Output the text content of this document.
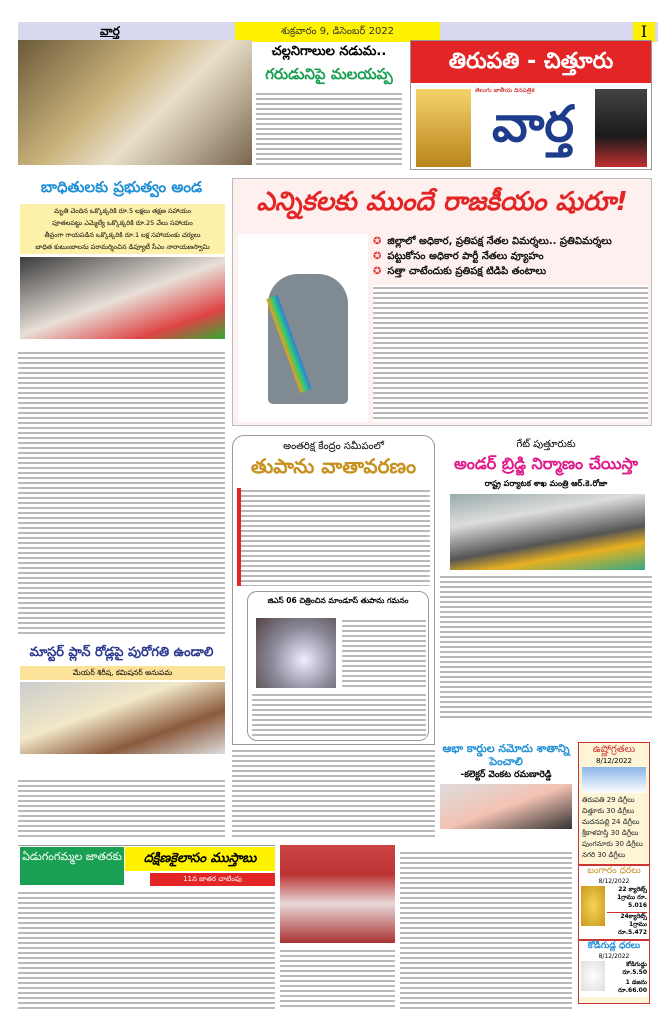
వార్త	శుక్రవారం 9, డిసెంబర్ 2022	I
చల్లనిగాలుల నడుమ..
గరుడునిపై మలయప్ప	తిరుపతి - చిత్తూరు
తెలుగు జాతీయ దినపత్రిక
వార్త
బాధితులకు ప్రభుత్వం అండ
మృతి చెందిన ఒక్కొక్కరికి రూ.5 లక్షలు తక్షణ సహాయం
పూతలపట్టు ఎమ్మెల్యే ఒక్కొక్కరికి రూ.25 వేలు సహాయం
తీవ్రంగా గాయపడిన ఒక్కొక్కరికి రూ.1 లక్ష సహాయంకు చర్యలు
బాధిత కుటుంబాలను పరామర్శించిన డిప్యూటీ సీఎం నారాయణస్వామి
ఎన్నికలకు ముందే రాజకీయం షురూ!
✪ జిల్లాలో అధికార, ప్రతిపక్ష నేతల విమర్శలు.. ప్రతివిమర్శలు
✪ పట్టుకోసం అధికార పార్టీ నేతలు వ్యూహం
✪ సత్తా చాటేందుకు ప్రతిపక్ష టిడిపి తంటాలు
అంతరిక్ష కేంద్రం సమీపంలో
తుపాను వాతావరణం
జిఎస్ 06 చిత్రించిన మాండూస్ తుపాను గమనం
గేట్ పుత్తూరుకు
అండర్ బ్రిడ్జి నిర్మాణం చేయిస్తా
రాష్ట్ర పర్యాటక శాఖ మంత్రి ఆర్.కె.రోజా
మాస్టర్ ప్లాన్ రోడ్లపై పురోగతి ఉండాలి
మేయర్ శిరీష, కమిషనర్ అనుపమ
ఆభా కార్డుల నమోదు శాతాన్ని పెంచాలి
-కలెక్టర్ వెంకట రమణారెడ్డి
ఉష్ణోగ్రతలు
8/12/2022
తిరుపతి 29 డిగ్రీలు
చిత్తూరు 30 డిగ్రీలు
మదనపల్లి 24 డిగ్రీలు
శ్రీకాళహస్తి 30 డిగ్రీలు
పుంగనూరు 30 డిగ్రీలు
నగరి 30 డిగ్రీలు
బంగారం ధరలు
8/12/2022
22 క్యారెట్స్ 1గ్రాము రూ. 5.016
24క్యారెట్స్ 1గ్రాము రూ.5.472
కోడిగుడ్ల ధరలు
8/12/2022
కోడిగుడ్డు రూ.5.50
1 డజను రూ.66.00
ఏడుగంగమ్మల జాతరకు	దక్షిణకైలాసం ముస్తాబు
11న జాతర చాటింపు
